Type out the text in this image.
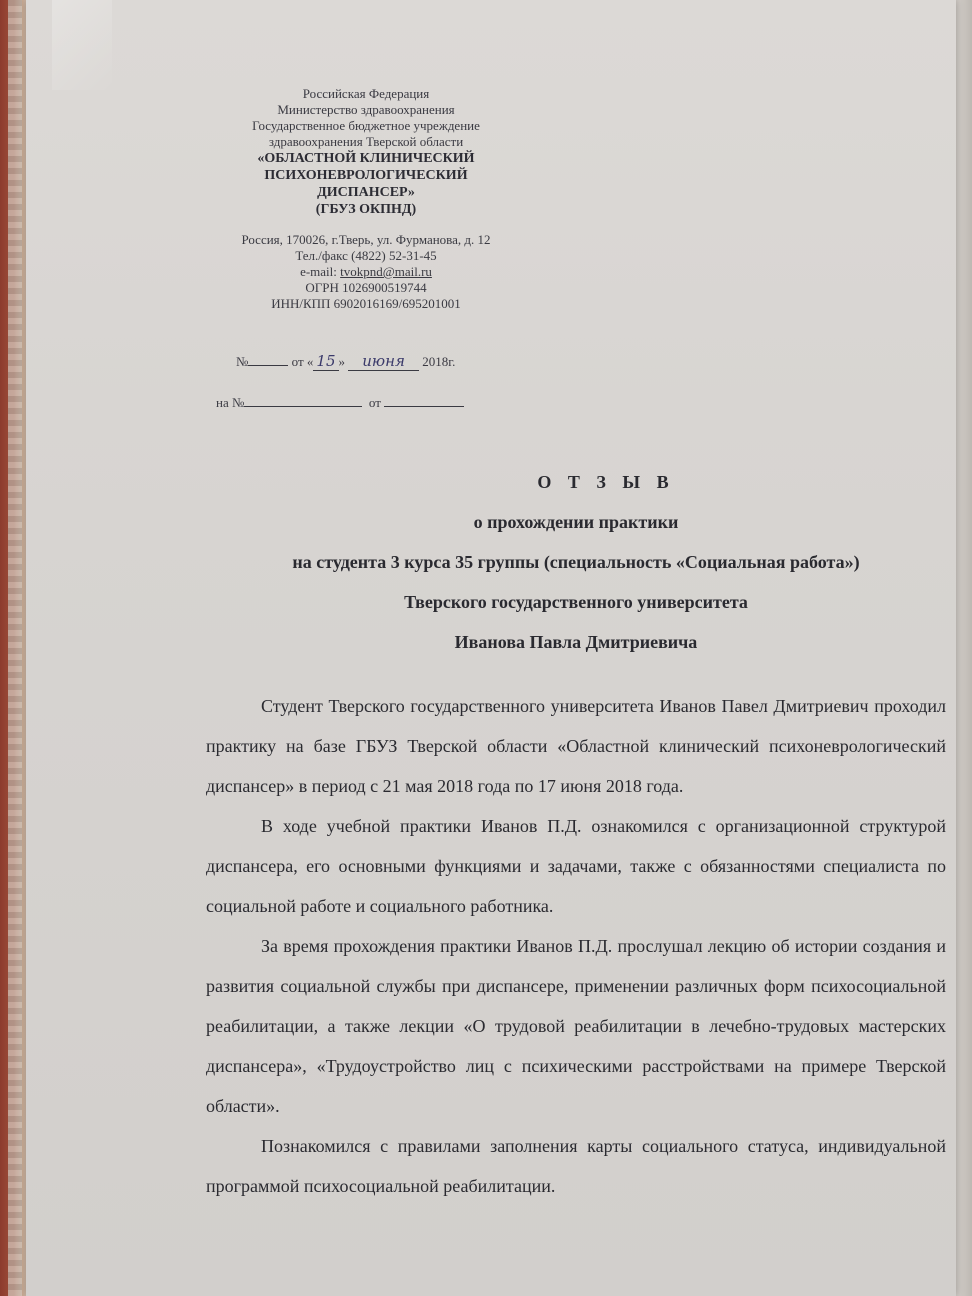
Российская Федерация
Министерство здравоохранения
Государственное бюджетное учреждение
здравоохранения Тверской области
«ОБЛАСТНОЙ КЛИНИЧЕСКИЙ
ПСИХОНЕВРОЛОГИЧЕСКИЙ
ДИСПАНСЕР»
(ГБУЗ ОКПНД)
Россия, 170026, г.Тверь, ул. Фурманова, д. 12
Тел./факс (4822) 52-31-45
e-mail: tvokpnd@mail.ru
ОГРН 1026900519744
ИНН/КПП 6902016169/695201001
№	от « 15 » июня 2018г.
на №	от
О Т З Ы В
о прохождении практики
на студента 3 курса 35 группы (специальность «Социальная работа»)
Тверского государственного университета
Иванова Павла Дмитриевича

Студент Тверского государственного университета Иванов Павел Дмитриевич проходил практику на базе ГБУЗ Тверской области «Областной клинический психоневрологический диспансер» в период с 21 мая 2018 года по 17 июня 2018 года.

В ходе учебной практики Иванов П.Д. ознакомился с организационной структурой диспансера, его основными функциями и задачами, также с обязанностями специалиста по социальной работе и социального работника.

За время прохождения практики Иванов П.Д. прослушал лекцию об истории создания и развития социальной службы при диспансере, применении различных форм психосоциальной реабилитации, а также лекции «О трудовой реабилитации в лечебно-трудовых мастерских диспансера», «Трудоустройство лиц с психическими расстройствами на примере Тверской области».

Познакомился с правилами заполнения карты социального статуса, индивидуальной программой психосоциальной реабилитации.
